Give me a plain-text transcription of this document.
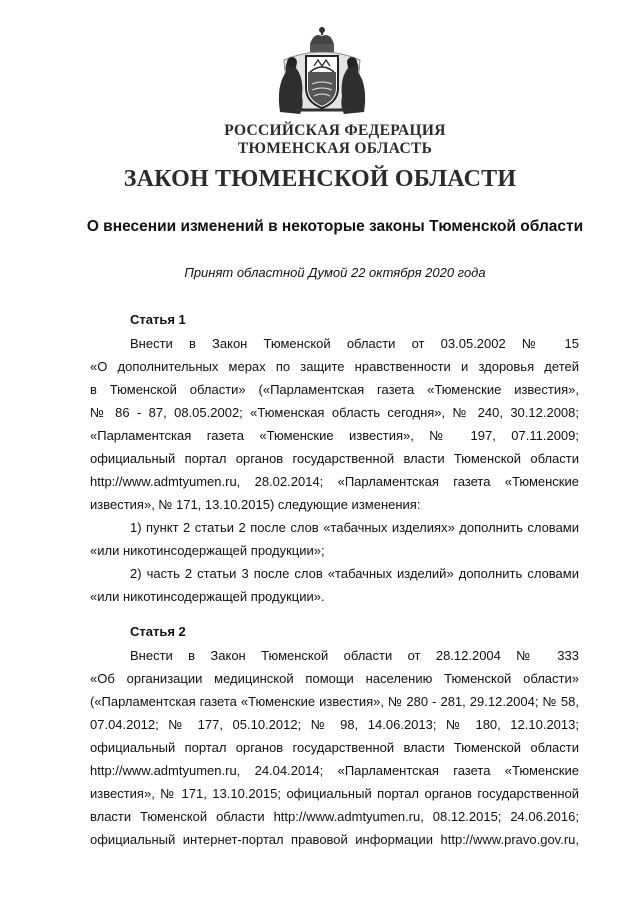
РОССИЙСКАЯ ФЕДЕРАЦИЯ
ТЮМЕНСКАЯ ОБЛАСТЬ
ЗАКОН ТЮМЕНСКОЙ ОБЛАСТИ
О внесении изменений в некоторые законы Тюменской области
Принят областной Думой 22 октября 2020 года
Статья 1
Внести в Закон Тюменской области от 03.05.2002 № 15
«О дополнительных мерах по защите нравственности и здоровья детей
в Тюменской области» («Парламентская газета «Тюменские известия»,
№ 86 - 87, 08.05.2002; «Тюменская область сегодня», № 240, 30.12.2008;
«Парламентская газета «Тюменские известия», № 197, 07.11.2009;
официальный портал органов государственной власти Тюменской области
http://www.admtyumen.ru, 28.02.2014; «Парламентская газета «Тюменские
известия», № 171, 13.10.2015) следующие изменения:
1) пункт 2 статьи 2 после слов «табачных изделиях» дополнить словами
«или никотинсодержащей продукции»;
2) часть 2 статьи 3 после слов «табачных изделий» дополнить словами
«или никотинсодержащей продукции».
Статья 2
Внести в Закон Тюменской области от 28.12.2004 № 333
«Об организации медицинской помощи населению Тюменской области»
(«Парламентская газета «Тюменские известия», № 280 - 281, 29.12.2004; № 58,
07.04.2012; № 177, 05.10.2012; № 98, 14.06.2013; № 180, 12.10.2013;
официальный портал органов государственной власти Тюменской области
http://www.admtyumen.ru, 24.04.2014; «Парламентская газета «Тюменские
известия», № 171, 13.10.2015; официальный портал органов государственной
власти Тюменской области http://www.admtyumen.ru, 08.12.2015; 24.06.2016;
официальный интернет-портал правовой информации http://www.pravo.gov.ru,
